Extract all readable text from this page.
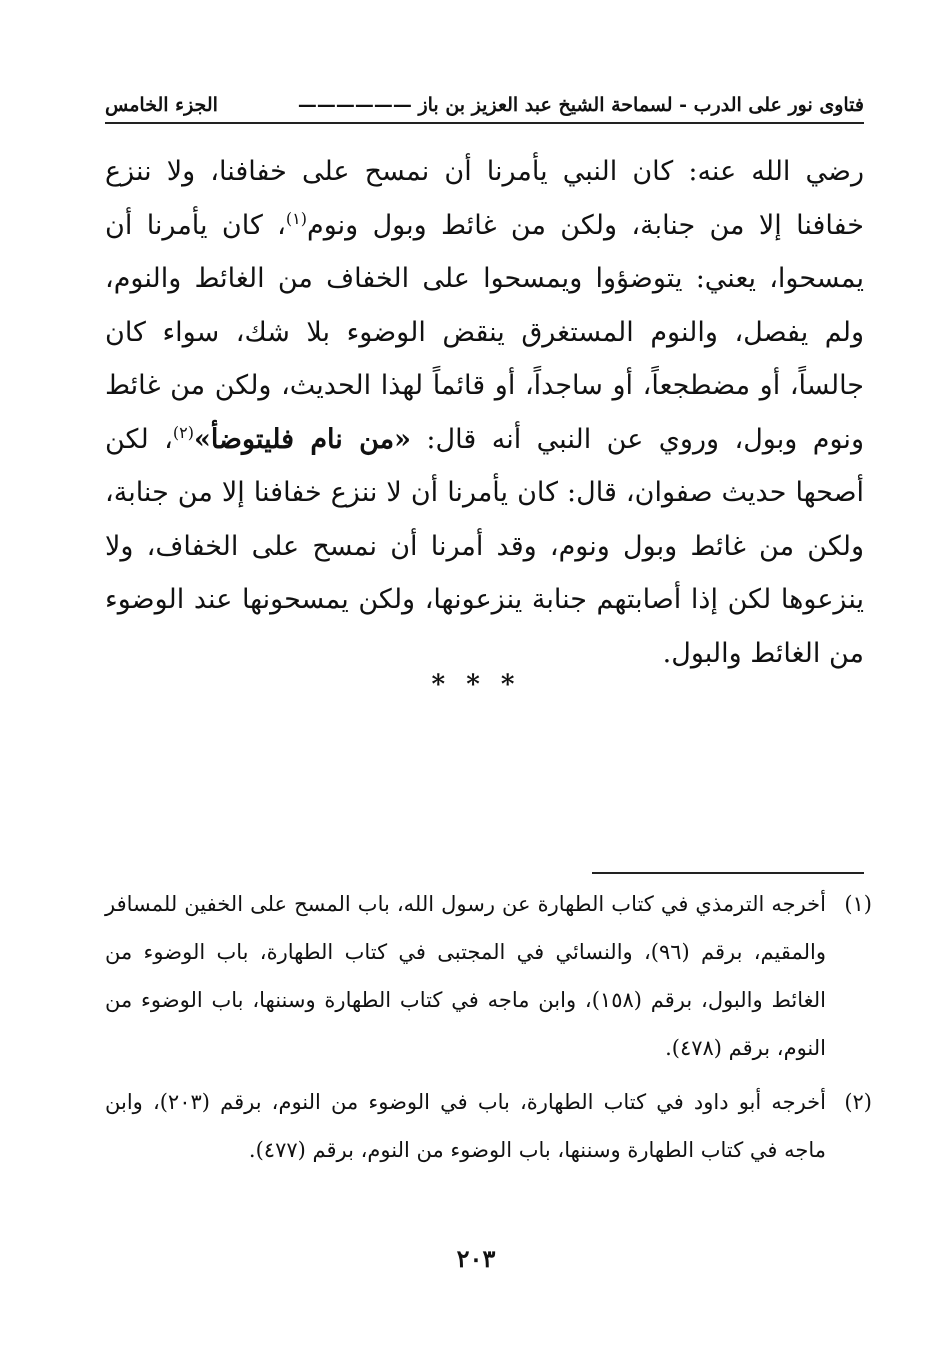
فتاوى نور على الدرب - لسماحة الشيخ عبد العزيز بن باز ——————
الجزء الخامس

رضي الله عنه: كان النبي يأمرنا أن نمسح على خفافنا، ولا ننزع خفافنا إلا من جنابة، ولكن من غائط وبول ونوم$^{(١)}$، كان يأمرنا أن يمسحوا، يعني: يتوضؤوا ويمسحوا على الخفاف من الغائط والنوم، ولم يفصل، والنوم المستغرق ينقض الوضوء بلا شك، سواء كان جالساً، أو مضطجعاً، أو ساجداً، أو قائماً لهذا الحديث، ولكن من غائط ونوم وبول، وروي عن النبي أنه قال: «من نام فليتوضأ»$^{(٢)}$، لكن أصحها حديث صفوان، قال: كان يأمرنا أن لا ننزع خفافنا إلا من جنابة، ولكن من غائط وبول ونوم، وقد أمرنا أن نمسح على الخفاف، ولا ينزعوها لكن إذا أصابتهم جنابة ينزعونها، ولكن يمسحونها عند الوضوء من الغائط والبول.

* * *
(١)
أخرجه الترمذي في كتاب الطهارة عن رسول الله، باب المسح على الخفين للمسافر والمقيم، برقم (٩٦)، والنسائي في المجتبى في كتاب الطهارة، باب الوضوء من الغائط والبول، برقم (١٥٨)، وابن ماجه في كتاب الطهارة وسننها، باب الوضوء من النوم، برقم (٤٧٨).
(٢)
أخرجه أبو داود في كتاب الطهارة، باب في الوضوء من النوم، برقم (٢٠٣)، وابن ماجه في كتاب الطهارة وسننها، باب الوضوء من النوم، برقم (٤٧٧).
٢٠٣
